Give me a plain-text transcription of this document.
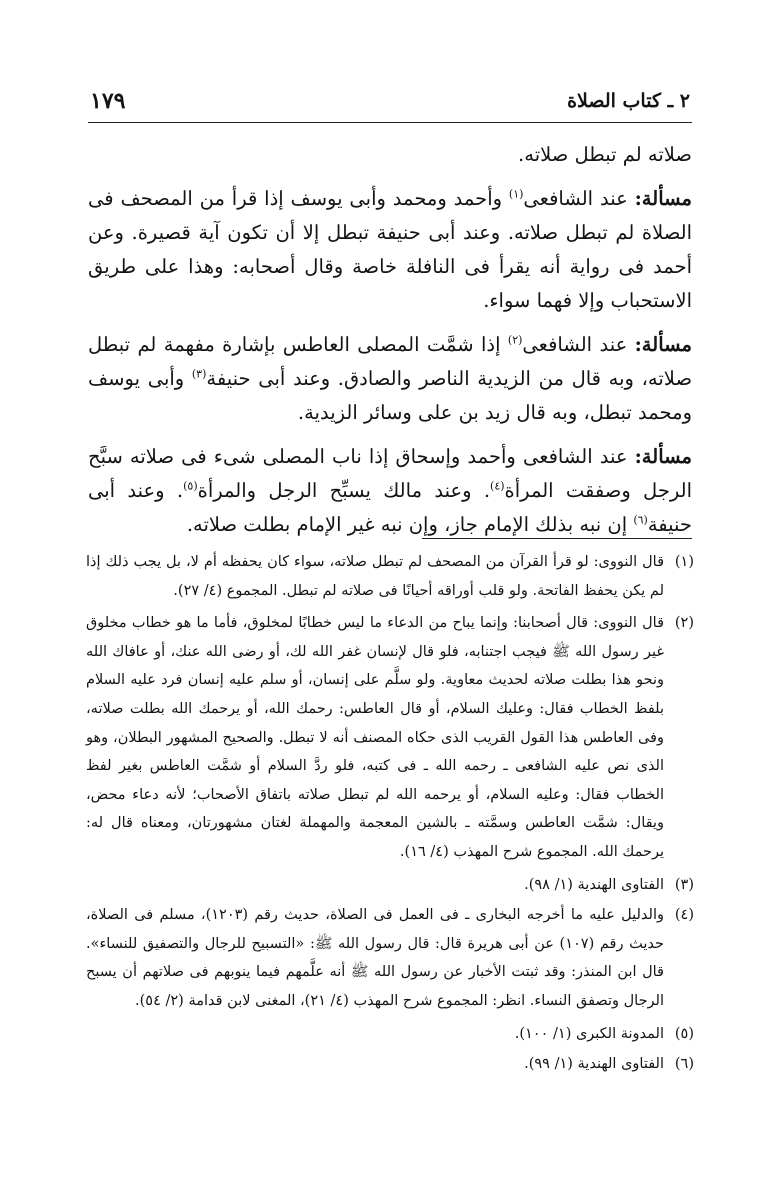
٢ ـ كتاب الصلاة
١٧٩

صلاته لم تبطل صلاته.

مسألة: عند الشافعى$^{(١)}$ وأحمد ومحمد وأبى يوسف إذا قرأ من المصحف فى الصلاة لم تبطل صلاته. وعند أبى حنيفة تبطل إلا أن تكون آية قصيرة. وعن أحمد فى رواية أنه يقرأ فى النافلة خاصة وقال أصحابه: وهذا على طريق الاستحباب وإلا فهما سواء.

مسألة: عند الشافعى$^{(٢)}$ إذا شمَّت المصلى العاطس بإشارة مفهمة لم تبطل صلاته، وبه قال من الزيدية الناصر والصادق. وعند أبى حنيفة$^{(٣)}$ وأبى يوسف ومحمد تبطل، وبه قال زيد بن على وسائر الزيدية.

مسألة: عند الشافعى وأحمد وإسحاق إذا ناب المصلى شىء فى صلاته سبَّح الرجل وصفقت المرأة$^{(٤)}$. وعند مالك يسبِّح الرجل والمرأة$^{(٥)}$. وعند أبى حنيفة$^{(٦)}$ إن نبه بذلك الإمام جاز، وإن نبه غير الإمام بطلت صلاته.

(١)
قال النووى: لو قرأ القرآن من المصحف لم تبطل صلاته، سواء كان يحفظه أم لا، بل يجب ذلك إذا لم يكن يحفظ الفاتحة. ولو قلب أوراقه أحيانًا فى صلاته لم تبطل. المجموع (٤/ ٢٧).

(٢)
قال النووى: قال أصحابنا: وإنما يباح من الدعاء ما ليس خطابًا لمخلوق، فأما ما هو خطاب مخلوق غير رسول الله ﷺ فيجب اجتنابه، فلو قال لإنسان غفر الله لك، أو رضى الله عنك، أو عافاك الله ونحو هذا بطلت صلاته لحديث معاوية. ولو سلَّم على إنسان، أو سلم عليه إنسان فرد عليه السلام بلفظ الخطاب فقال: وعليك السلام، أو قال العاطس: رحمك الله، أو يرحمك الله بطلت صلاته، وفى العاطس هذا القول القريب الذى حكاه المصنف أنه لا تبطل. والصحيح المشهور البطلان، وهو الذى نص عليه الشافعى ـ رحمه الله ـ فى كتبه، فلو ردَّ السلام أو شمَّت العاطس بغير لفظ الخطاب فقال: وعليه السلام، أو يرحمه الله لم تبطل صلاته باتفاق الأصحاب؛ لأنه دعاء محض، ويقال: شمَّت العاطس وسمَّته ـ بالشين المعجمة والمهملة لغتان مشهورتان، ومعناه قال له: يرحمك الله. المجموع شرح المهذب (٤/ ١٦).

(٣)
الفتاوى الهندية (١/ ٩٨).

(٤)
والدليل عليه ما أخرجه البخارى ـ فى العمل فى الصلاة، حديث رقم (١٢٠٣)، مسلم فى الصلاة، حديث رقم (١٠٧) عن أبى هريرة قال: قال رسول الله ﷺ: «التسبيح للرجال والتصفيق للنساء». قال ابن المنذر: وقد ثبتت الأخبار عن رسول الله ﷺ أنه علَّمهم فيما ينوبهم فى صلاتهم أن يسبح الرجال وتصفق النساء. انظر: المجموع شرح المهذب (٤/ ٢١)، المغنى لابن قدامة (٢/ ٥٤).

(٥)
المدونة الكبرى (١/ ١٠٠).

(٦)
الفتاوى الهندية (١/ ٩٩).
